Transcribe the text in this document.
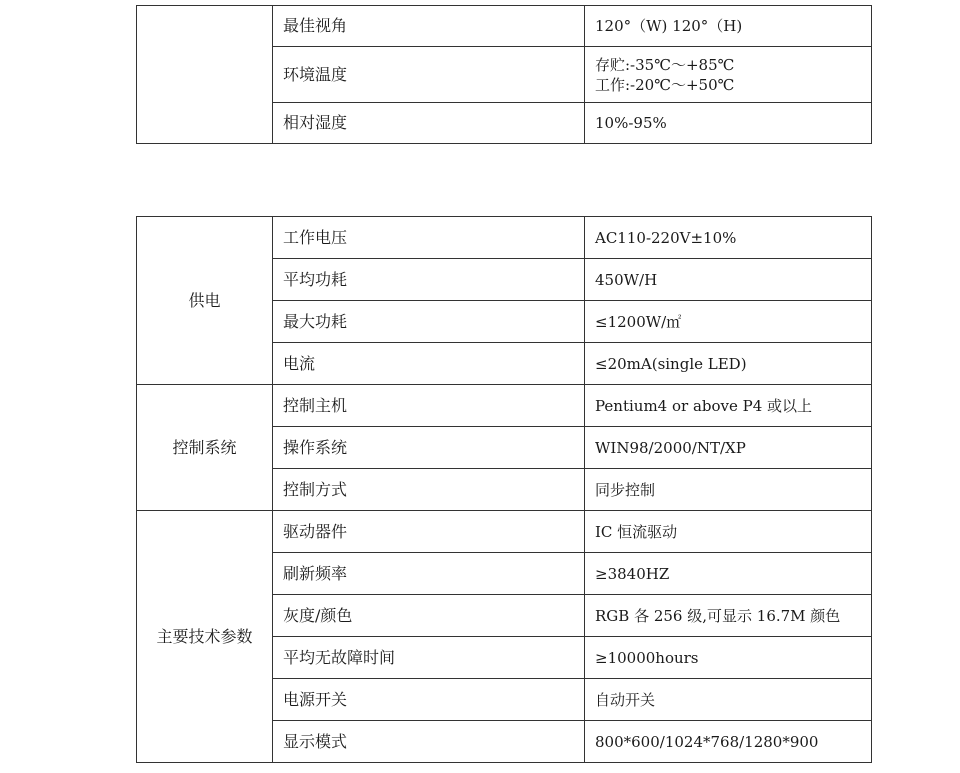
	最佳视角	120°（W) 120°（H)
	环境温度	存贮:-35℃～+85℃
工作:-20℃～+50℃

	相对湿度	10%-95%
供电	工作电压	AC110-220V±10%
	平均功耗	450W/H
	最大功耗	≤1200W/㎡
	电流	≤20mA(single LED)
控制系统	控制主机	Pentium4 or above P4 或以上
	操作系统	WIN98/2000/NT/XP
	控制方式	同步控制
主要技术参数	驱动器件	IC 恒流驱动
	刷新频率	≥3840HZ
	灰度/颜色	RGB 各 256 级,可显示 16.7M 颜色
	平均无故障时间	≥10000hours
	电源开关	自动开关
	显示模式	800*600/1024*768/1280*900
